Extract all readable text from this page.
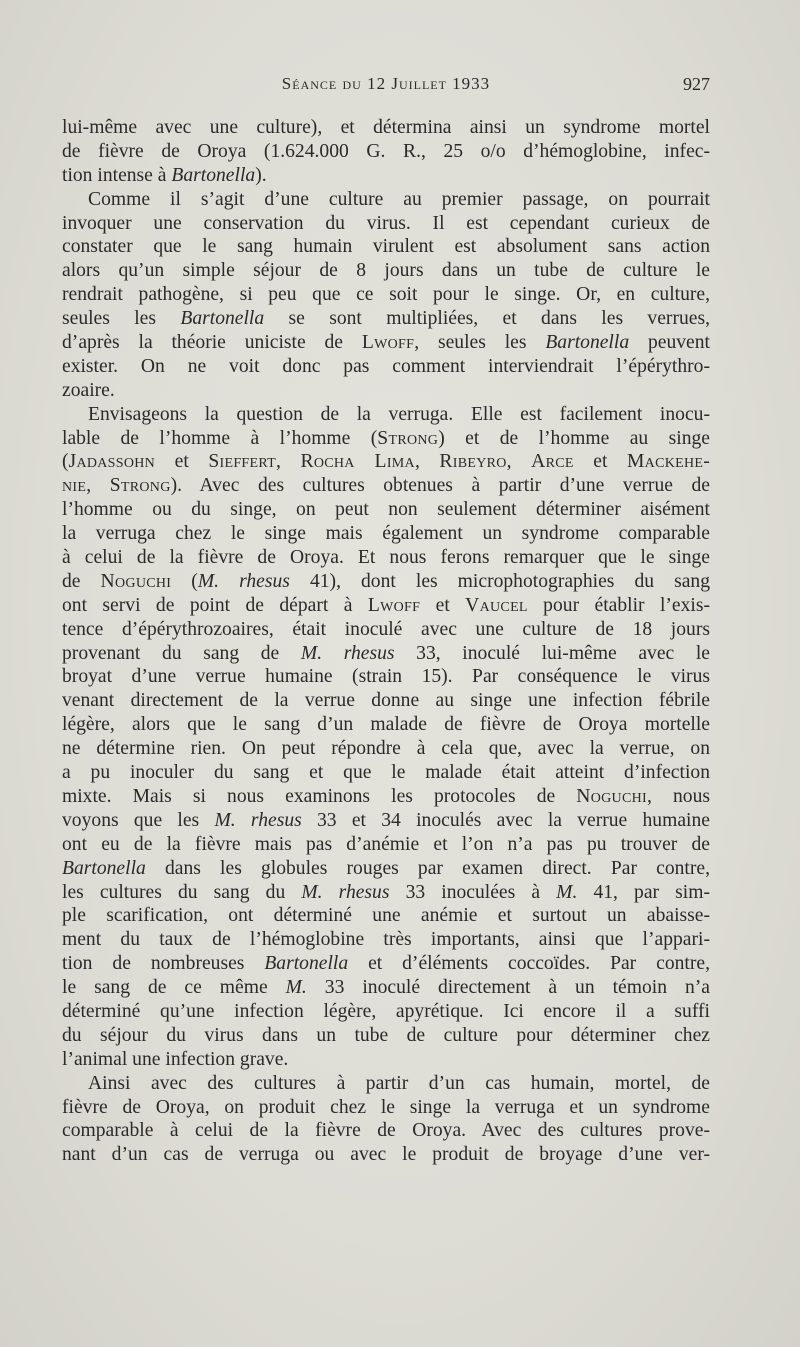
Séance du 12 Juillet 1933	927
lui-même avec une culture), et détermina ainsi un syndrome mortel
de fièvre de Oroya (1.624.000 G. R., 25 o/o d’hémoglobine, infec-
tion intense à Bartonella).
Comme il s’agit d’une culture au premier passage, on pourrait
invoquer une conservation du virus. Il est cependant curieux de
constater que le sang humain virulent est absolument sans action
alors qu’un simple séjour de 8 jours dans un tube de culture le
rendrait pathogène, si peu que ce soit pour le singe. Or, en culture,
seules les Bartonella se sont multipliées, et dans les verrues,
d’après la théorie uniciste de Lwoff, seules les Bartonella peuvent
exister. On ne voit donc pas comment interviendrait l’épérythro-
zoaire.
Envisageons la question de la verruga. Elle est facilement inocu-
lable de l’homme à l’homme (Strong) et de l’homme au singe
(Jadassohn et Sieffert, Rocha Lima, Ribeyro, Arce et Mackehe-
nie, Strong). Avec des cultures obtenues à partir d’une verrue de
l’homme ou du singe, on peut non seulement déterminer aisément
la verruga chez le singe mais également un syndrome comparable
à celui de la fièvre de Oroya. Et nous ferons remarquer que le singe
de Noguchi (M. rhesus 41), dont les microphotographies du sang
ont servi de point de départ à Lwoff et Vaucel pour établir l’exis-
tence d’épérythrozoaires, était inoculé avec une culture de 18 jours
provenant du sang de M. rhesus 33, inoculé lui-même avec le
broyat d’une verrue humaine (strain 15). Par conséquence le virus
venant directement de la verrue donne au singe une infection fébrile
légère, alors que le sang d’un malade de fièvre de Oroya mortelle
ne détermine rien. On peut répondre à cela que, avec la verrue, on
a pu inoculer du sang et que le malade était atteint d’infection
mixte. Mais si nous examinons les protocoles de Noguchi, nous
voyons que les M. rhesus 33 et 34 inoculés avec la verrue humaine
ont eu de la fièvre mais pas d’anémie et l’on n’a pas pu trouver de
Bartonella dans les globules rouges par examen direct. Par contre,
les cultures du sang du M. rhesus 33 inoculées à M. 41, par sim-
ple scarification, ont déterminé une anémie et surtout un abaisse-
ment du taux de l’hémoglobine très importants, ainsi que l’appari-
tion de nombreuses Bartonella et d’éléments coccoïdes. Par contre,
le sang de ce même M. 33 inoculé directement à un témoin n’a
déterminé qu’une infection légère, apyrétique. Ici encore il a suffi
du séjour du virus dans un tube de culture pour déterminer chez
l’animal une infection grave.
Ainsi avec des cultures à partir d’un cas humain, mortel, de
fièvre de Oroya, on produit chez le singe la verruga et un syndrome
comparable à celui de la fièvre de Oroya. Avec des cultures prove-
nant d’un cas de verruga ou avec le produit de broyage d’une ver-
